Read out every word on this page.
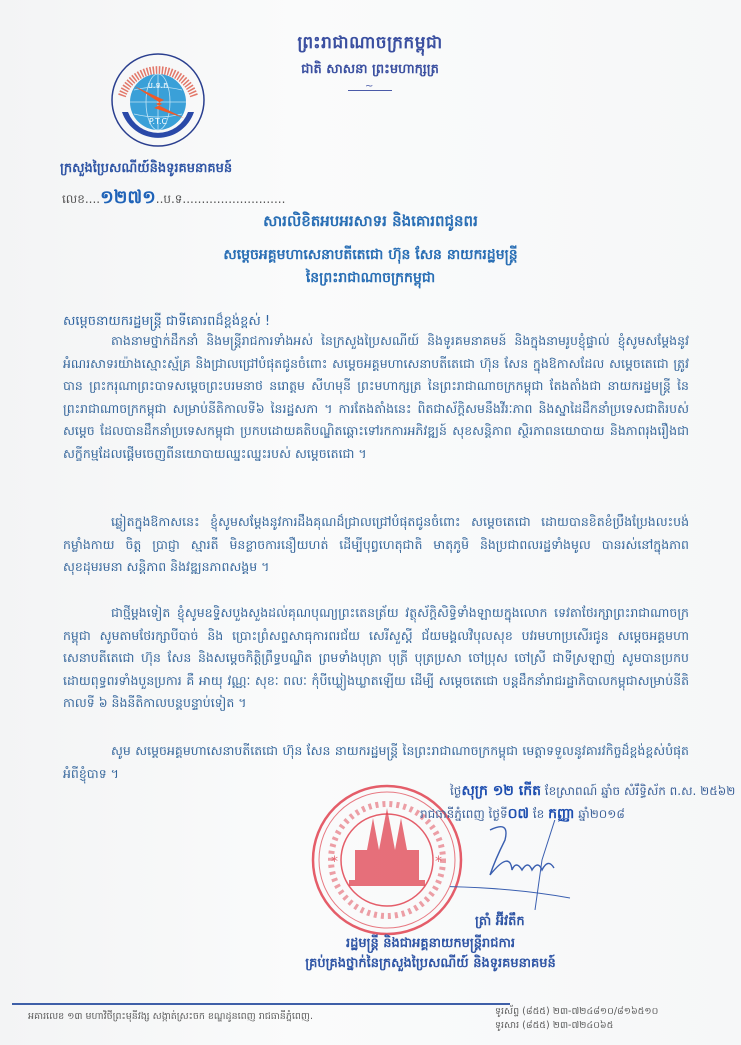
ព្រះរាជាណាចក្រកម្ពុជា
ជាតិ សាសនា ព្រះមហាក្សត្រ
~
ប.ទ.ក
P.T.C
ក្រសួងប្រៃសណីយ៍និងទូរគមនាគមន៍
លេខ....១២៧១..ប.ទ...........................
សារលិខិតអបអរសាទរ និងគោរពជូនពរ
សម្តេចអគ្គមហាសេនាបតីតេជោ ហ៊ុន សែន នាយករដ្ឋមន្ត្រី
នៃព្រះរាជាណាចក្រកម្ពុជា
សម្តេចនាយករដ្ឋមន្ត្រី ជាទីគោរពដ៏ខ្ពង់ខ្ពស់ !
តាងនាមថ្នាក់ដឹកនាំ និងមន្ត្រីរាជការទាំងអស់ នៃក្រសួងប្រៃសណីយ៍ និងទូរគមនាគមន៍ និងក្នុងនាមរូបខ្ញុំផ្ទាល់ ខ្ញុំសូមសម្តែងនូវអំណរសាទរយ៉ាងស្មោះស្ម័គ្រ និងជ្រាលជ្រៅបំផុតជូនចំពោះ សម្តេចអគ្គមហាសេនាបតីតេជោ ហ៊ុន សែន ក្នុងឱកាសដែល សម្តេចតេជោ ត្រូវបាន ព្រះករុណាព្រះបាទសម្តេចព្រះបរមនាថ នរោត្តម សីហមុនី ព្រះមហាក្សត្រ នៃព្រះរាជាណាចក្រកម្ពុជា តែងតាំងជា នាយករដ្ឋមន្ត្រី នៃព្រះរាជាណាចក្រកម្ពុជា សម្រាប់នីតិកាលទី៦ នៃរដ្ឋសភា ។ ការតែងតាំងនេះ ពិតជាស័ក្តិសមនឹងវីរៈភាព និងស្នាដៃដឹកនាំប្រទេសជាតិរបស់ សម្តេច ដែលបានដឹកនាំប្រទេសកម្ពុជា ប្រកបដោយគតិបណ្ឌិតឆ្ពោះទៅរកការអភិវឌ្ឍន៍ សុខសន្តិភាព ស្ថិរភាពនយោបាយ និងភាពរុងរឿងជាសក្ខីកម្មដែលផ្តើមចេញពីនយោបាយឈ្នះឈ្នះរបស់ សម្តេចតេជោ ។
ឆ្លៀតក្នុងឱកាសនេះ ខ្ញុំសូមសម្តែងនូវការដឹងគុណដ៏ជ្រាលជ្រៅបំផុតជូនចំពោះ សម្តេចតេជោ ដោយបានខិតខំប្រឹងប្រែងលះបង់កម្លាំងកាយ ចិត្ត ប្រាជ្ញា ស្មារតី មិនខ្លាចការនឿយហត់ ដើម្បីបុព្វហេតុជាតិ មាតុភូមិ និងប្រជាពលរដ្ឋទាំងមូល បានរស់នៅក្នុងភាពសុខដុមរមនា សន្តិភាព និងវឌ្ឍនភាពសង្គម ។
ជាថ្មីម្តងទៀត ខ្ញុំសូមឧទ្ទិសបួងសួងដល់គុណបុណ្យព្រះតេនត្រ័យ វត្ថុស័ក្តិសិទ្ធិទាំងឡាយក្នុងលោក ទេវតាថែរក្សាព្រះរាជាណាចក្រកម្ពុជា សូមតាមថែរក្សាបីបាច់ និង ប្រោះព្រំសព្ទសាធុការពរជ័យ សេរីសួស្តី ជ័យមង្គលវិបុលសុខ បវរមហាប្រសើរជូន សម្តេចអគ្គមហាសេនាបតីតេជោ ហ៊ុន សែន និងសម្តេចកិត្តិព្រឹទ្ធបណ្ឌិត ព្រមទាំងបុត្រា បុត្រី បុត្រប្រសា ចៅប្រុស ចៅស្រី ជាទីស្រឡាញ់ សូមបានប្រកបដោយពុទ្ធពរទាំងបួនប្រការ គឺ អាយុ វណ្ណៈ សុខៈ ពលៈ កុំបីឃ្លៀងឃ្លាតឡើយ ដើម្បី សម្តេចតេជោ បន្តដឹកនាំរាជរដ្ឋាភិបាលកម្ពុជាសម្រាប់នីតិកាលទី ៦ និងនីតិកាលបន្តបន្ទាប់ទៀត ។
សូម សម្តេចអគ្គមហាសេនាបតីតេជោ ហ៊ុន សែន នាយករដ្ឋមន្ត្រី នៃព្រះរាជាណាចក្រកម្ពុជា មេត្តាទទួលនូវគារវកិច្ចដ៏ខ្ពង់ខ្ពស់បំផុតអំពីខ្ញុំបាទ ។
*	*
ថ្ងៃសុក្រ ១២ កើត ខែស្រាពណ៍ ឆ្នាំច សំរឹទ្ធិស័ក ព.ស. ២៥៦២
រាជធានីភ្នំពេញ ថ្ងៃទី០៧ ខែ កញ្ញា ឆ្នាំ២០១៨
ត្រាំ អ៊ីវតឹក
រដ្ឋមន្ត្រី និងជាអគ្គនាយកមន្ត្រីរាជការ
គ្រប់គ្រងថ្នាក់នៃក្រសួងប្រៃសណីយ៍ និងទូរគមនាគមន៍
អគារលេខ ១៣ មហាវិថីព្រះមុនីវង្ស សង្កាត់ស្រះចក ខណ្ឌដូនពេញ រាជធានីភ្នំពេញ.	ទូរស័ព្ទ (៨៥៥) ២៣-៧២៤៨១០/៨១៦៥១០
ទូរសារ (៨៥៥) ២៣-៧២៤០៦៥
